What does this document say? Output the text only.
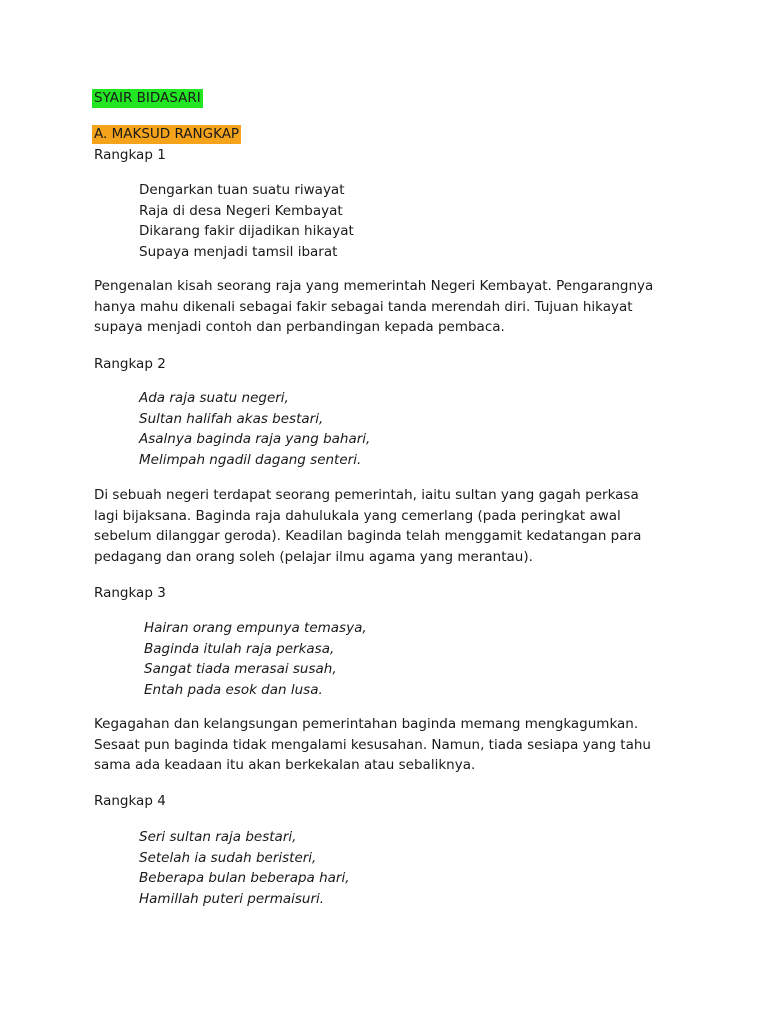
SYAIR BIDASARI
A. MAKSUD RANGKAP
Rangkap 1
Dengarkan tuan suatu riwayat
Raja di desa Negeri Kembayat
Dikarang fakir dijadikan hikayat
Supaya menjadi tamsil ibarat
Pengenalan kisah seorang raja yang memerintah Negeri Kembayat. Pengarangnya
hanya mahu dikenali sebagai fakir sebagai tanda merendah diri. Tujuan hikayat
supaya menjadi contoh dan perbandingan kepada pembaca.
Rangkap 2
Ada raja suatu negeri,
Sultan halifah akas bestari,
Asalnya baginda raja yang bahari,
Melimpah ngadil dagang senteri.
Di sebuah negeri terdapat seorang pemerintah, iaitu sultan yang gagah perkasa
lagi bijaksana. Baginda raja dahulukala yang cemerlang (pada peringkat awal
sebelum dilanggar geroda). Keadilan baginda telah menggamit kedatangan para
pedagang dan orang soleh (pelajar ilmu agama yang merantau).
Rangkap 3
Hairan orang empunya temasya,
Baginda itulah raja perkasa,
Sangat tiada merasai susah,
Entah pada esok dan lusa.
Kegagahan dan kelangsungan pemerintahan baginda memang mengkagumkan.
Sesaat pun baginda tidak mengalami kesusahan. Namun, tiada sesiapa yang tahu
sama ada keadaan itu akan berkekalan atau sebaliknya.
Rangkap 4
Seri sultan raja bestari,
Setelah ia sudah beristeri,
Beberapa bulan beberapa hari,
Hamillah puteri permaisuri.
